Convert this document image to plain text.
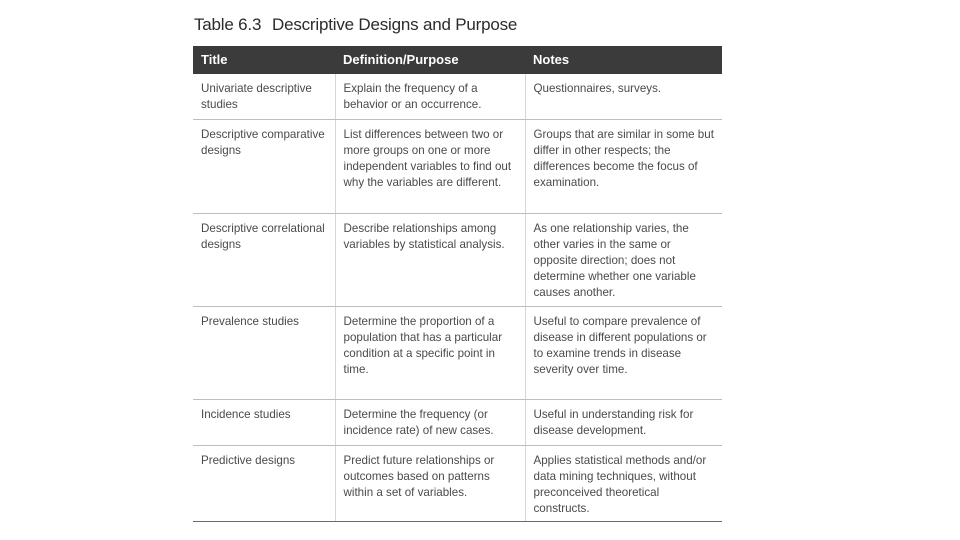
Table 6.3 Descriptive Designs and Purpose
Title	Definition/Purpose	Notes
Univariate descriptive studies	Explain the frequency of a behavior or an occurrence.	Questionnaires, surveys.
Descriptive comparative designs	List differences between two or more groups on one or more independent variables to find out why the variables are different.	Groups that are similar in some but differ in other respects; the differences become the focus of examination.
Descriptive correlational designs	Describe relationships among variables by statistical analysis.	As one relationship varies, the other varies in the same or opposite direction; does not determine whether one variable causes another.
Prevalence studies	Determine the proportion of a population that has a particular condition at a specific point in time.	Useful to compare prevalence of disease in different populations or to examine trends in disease severity over time.
Incidence studies	Determine the frequency (or incidence rate) of new cases.	Useful in understanding risk for disease development.
Predictive designs	Predict future relationships or outcomes based on patterns within a set of variables.	Applies statistical methods and/or data mining techniques, without preconceived theoretical constructs.
